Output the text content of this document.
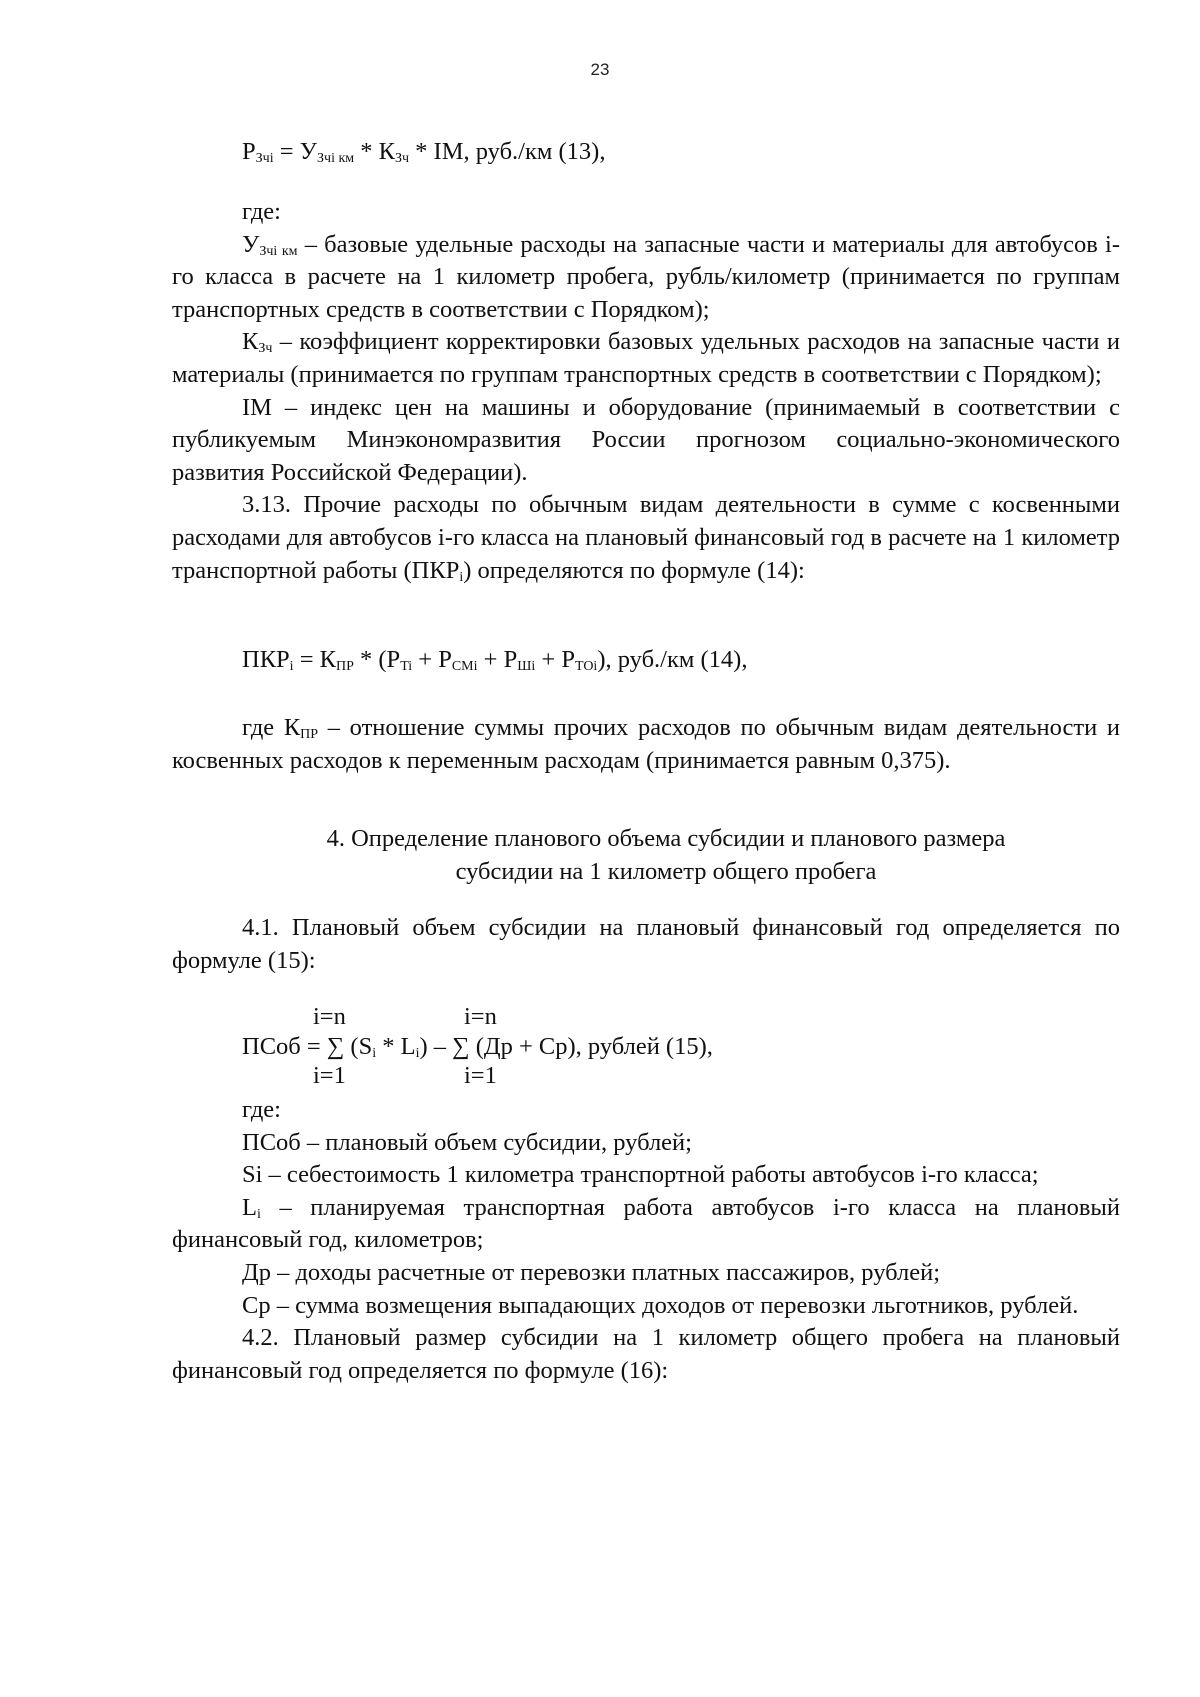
23
$Р_{Зчi} = У_{Зчi км} * К_{Зч}$ * IМ, руб./км (13),

где:

$У_{Зчi км}$ – базовые удельные расходы на запасные части и материалы для автобусов i-го класса в расчете на 1 километр пробега, рубль/километр (принимается по группам транспортных средств в соответствии с Порядком);

$К_{Зч}$ – коэффициент корректировки базовых удельных расходов на запасные части и материалы (принимается по группам транспортных средств в соответствии с Порядком);

IМ – индекс цен на машины и оборудование (принимаемый в соответствии с публикуемым Минэкономразвития России прогнозом социально-экономического развития Российской Федерации).

3.13. Прочие расходы по обычным видам деятельности в сумме с косвенными расходами для автобусов i-го класса на плановый финансовый год в расчете на 1 километр транспортной работы $(ПКР_i)$ определяются по формуле (14):

$ПКР_i = К_{ПР} * (Р_{Ti} + Р_{СМi} + Р_{Шi} + Р_{ТОi})$, руб./км (14),

где $К_{ПР}$ – отношение суммы прочих расходов по обычным видам деятельности и косвенных расходов к переменным расходам (принимается равным 0,375).

4. Определение планового объема субсидии и планового размера
субсидии на 1 километр общего пробега

4.1. Плановый объем субсидии на плановый финансовый год определяется по формуле (15):

i=n	i=n
ПСоб = ∑ $(S_i * L_i)$ – ∑ (Др + Ср), рублей (15),
i=1	i=1

где:

ПСоб – плановый объем субсидии, рублей;

Si – себестоимость 1 километра транспортной работы автобусов i-го класса;

$L_i$ – планируемая транспортная работа автобусов i-го класса на плановый финансовый год, километров;

Др – доходы расчетные от перевозки платных пассажиров, рублей;

Ср – сумма возмещения выпадающих доходов от перевозки льготников, рублей.

4.2. Плановый размер субсидии на 1 километр общего пробега на плановый финансовый год определяется по формуле (16):
